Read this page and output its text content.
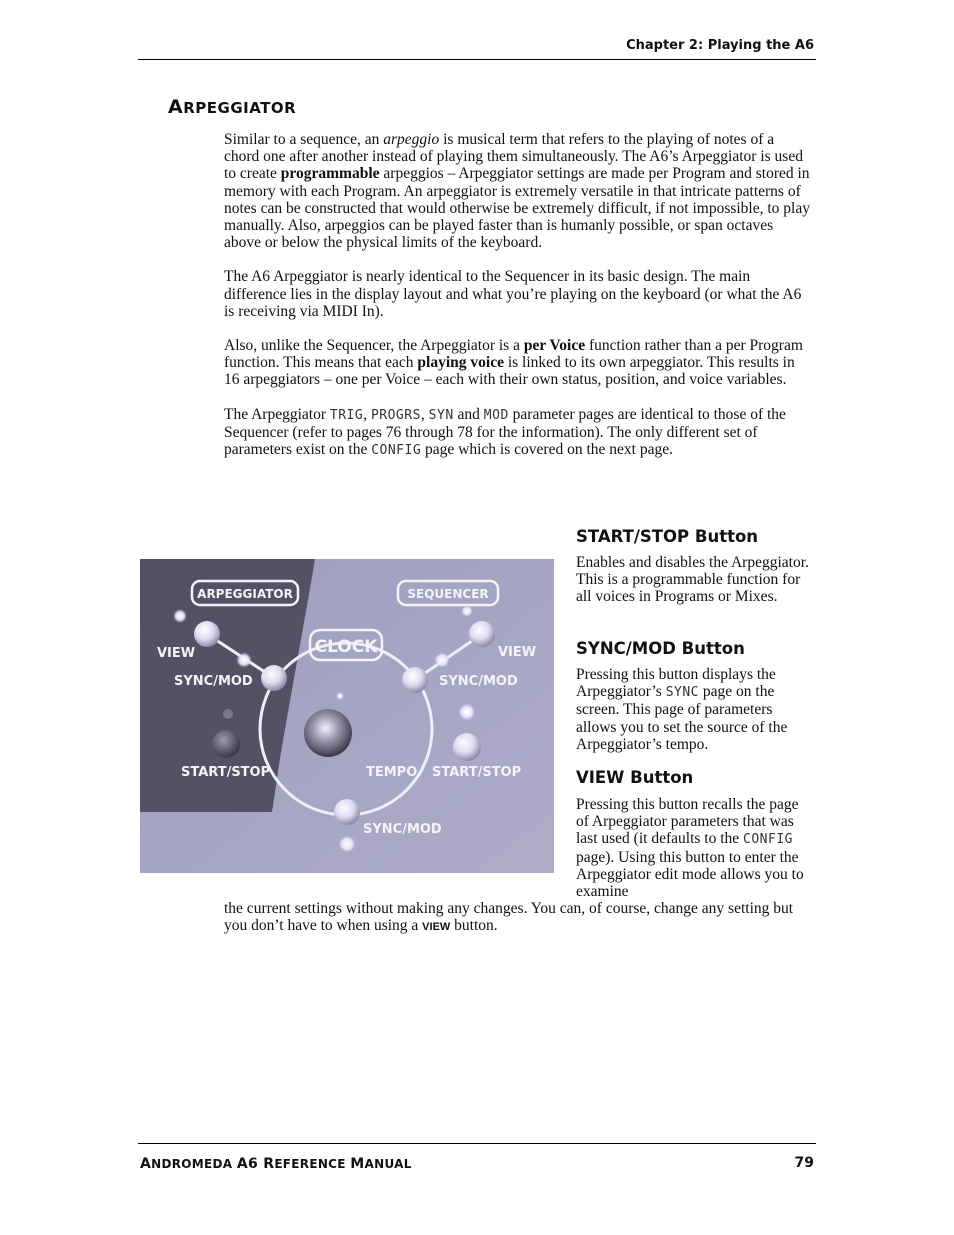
Chapter 2: Playing the A6
ARPEGGIATOR

Similar to a sequence, an arpeggio is musical term that refers to the playing of notes of a chord one after another instead of playing them simultaneously. The A6’s Arpeggiator is used to create programmable arpeggios – Arpeggiator settings are made per Program and stored in memory with each Program. An arpeggiator is extremely versatile in that intricate patterns of notes can be constructed that would otherwise be extremely difficult, if not impossible, to play manually. Also, arpeggios can be played faster than is humanly possible, or span octaves above or below the physical limits of the keyboard.

The A6 Arpeggiator is nearly identical to the Sequencer in its basic design. The main difference lies in the display layout and what you’re playing on the keyboard (or what the A6 is receiving via MIDI In).

Also, unlike the Sequencer, the Arpeggiator is a per Voice function rather than a per Program function. This means that each playing voice is linked to its own arpeggiator. This results in 16 arpeggiators – one per Voice – each with their own status, position, and voice variables.

The Arpeggiator TRIG, PROGRS, SYN and MOD parameter pages are identical to those of the Sequencer (refer to pages 76 through 78 for the information). The only different set of parameters exist on the CONFIG page which is covered on the next page.

ARPEGGIATOR	SEQUENCER
CLOCK
VIEW
SYNC/MOD
START/STOP
VIEW
SYNC/MOD
START/STOP
TEMPO
SYNC/MOD
START/STOP Button
Enables and disables the Arpeggiator. This is a programmable function for all voices in Programs or Mixes.
SYNC/MOD Button
Pressing this button displays the Arpeggiator’s SYNC page on the screen. This page of parameters allows you to set the source of the Arpeggiator’s tempo.
VIEW Button
Pressing this button recalls the page of Arpeggiator parameters that was last used (it defaults to the CONFIG page). Using this button to enter the Arpeggiator edit mode allows you to examine
the current settings without making any changes. You can, of course, change any setting but you don’t have to when using a VIEW button.
ANDROMEDA A6 REFERENCE MANUAL	79
